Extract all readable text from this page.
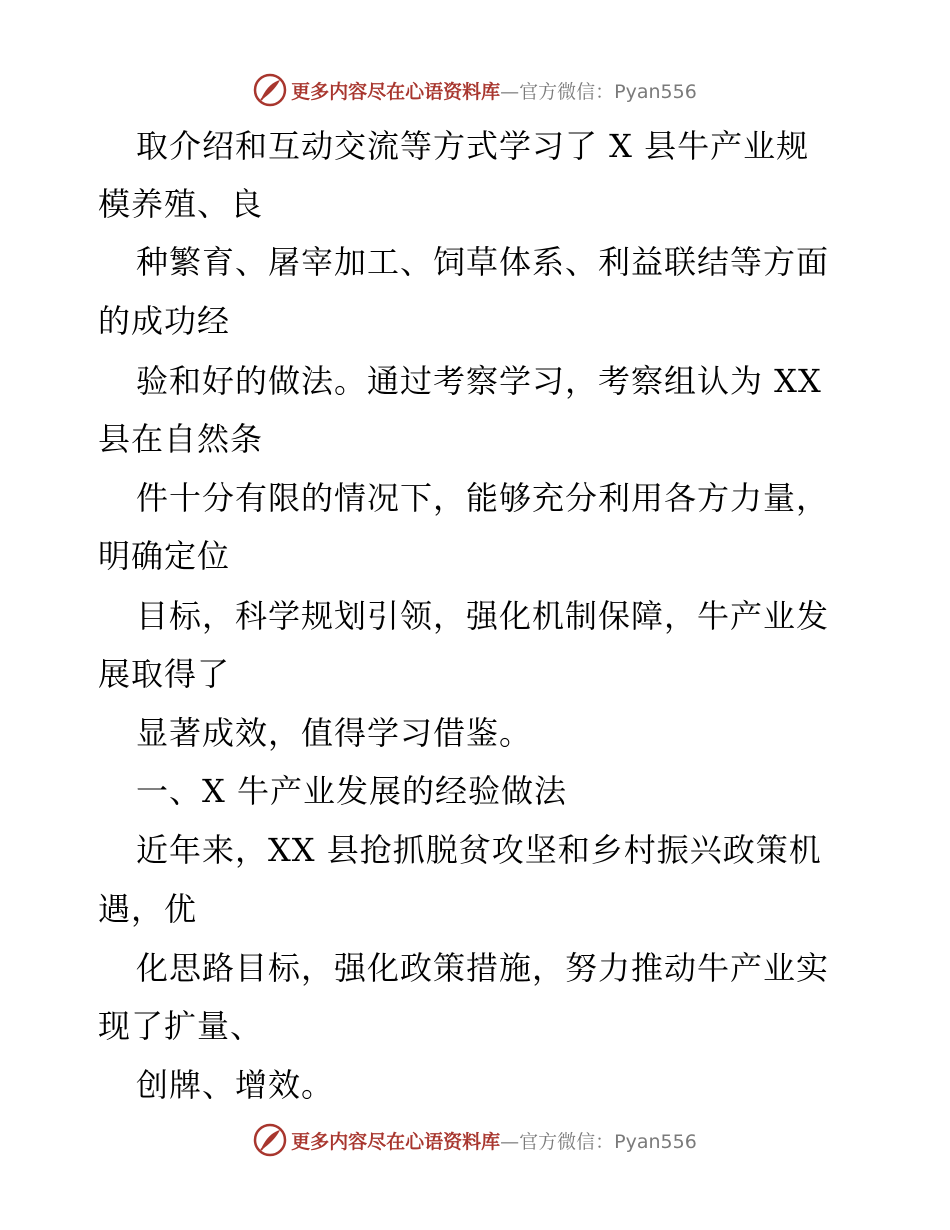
更多内容尽在心语资料库—官方微信：Pyan556
取介绍和互动交流等方式学习了 X 县牛产业规
模养殖、良
种繁育、屠宰加工、饲草体系、利益联结等方面
的成功经
验和好的做法。通过考察学习，考察组认为 XX
县在自然条
件十分有限的情况下，能够充分利用各方力量，
明确定位
目标，科学规划引领，强化机制保障，牛产业发
展取得了
显著成效，值得学习借鉴。
一、X 牛产业发展的经验做法
近年来，XX 县抢抓脱贫攻坚和乡村振兴政策机
遇，优
化思路目标，强化政策措施，努力推动牛产业实
现了扩量、
创牌、增效。
更多内容尽在心语资料库—官方微信：Pyan556
